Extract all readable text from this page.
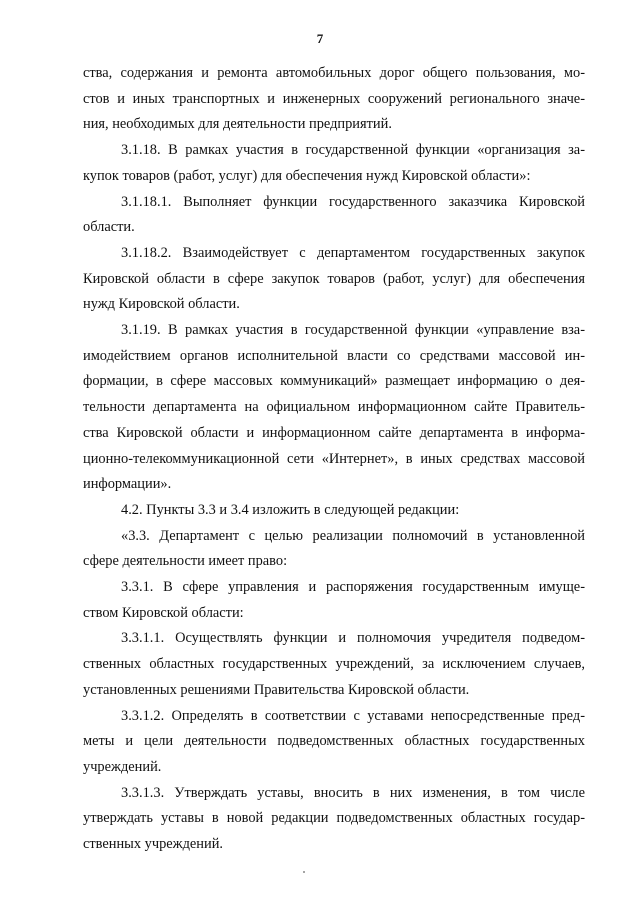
7

ства, содержания и ремонта автомобильных дорог общего пользования, мо-
стов и иных транспортных и инженерных сооружений регионального значе-
ния, необходимых для деятельности предприятий.

3.1.18. В рамках участия в государственной функции «организация за-
купок товаров (работ, услуг) для обеспечения нужд Кировской области»:

3.1.18.1. Выполняет функции государственного заказчика Кировской
области.

3.1.18.2. Взаимодействует с департаментом государственных закупок
Кировской области в сфере закупок товаров (работ, услуг) для обеспечения
нужд Кировской области.

3.1.19. В рамках участия в государственной функции «управление вза-
имодействием органов исполнительной власти со средствами массовой ин-
формации, в сфере массовых коммуникаций» размещает информацию о дея-
тельности департамента на официальном информационном сайте Правитель-
ства Кировской области и информационном сайте департамента в информа-
ционно-телекоммуникационной сети «Интернет», в иных средствах массовой
информации».

4.2. Пункты 3.3 и 3.4 изложить в следующей редакции:

«3.3. Департамент с целью реализации полномочий в установленной
сфере деятельности имеет право:

3.3.1. В сфере управления и распоряжения государственным имуще-
ством Кировской области:

3.3.1.1. Осуществлять функции и полномочия учредителя подведом-
ственных областных государственных учреждений, за исключением случаев,
установленных решениями Правительства Кировской области.

3.3.1.2. Определять в соответствии с уставами непосредственные пред-
меты и цели деятельности подведомственных областных государственных
учреждений.

3.3.1.3. Утверждать уставы, вносить в них изменения, в том числе
утверждать уставы в новой редакции подведомственных областных государ-
ственных учреждений.
